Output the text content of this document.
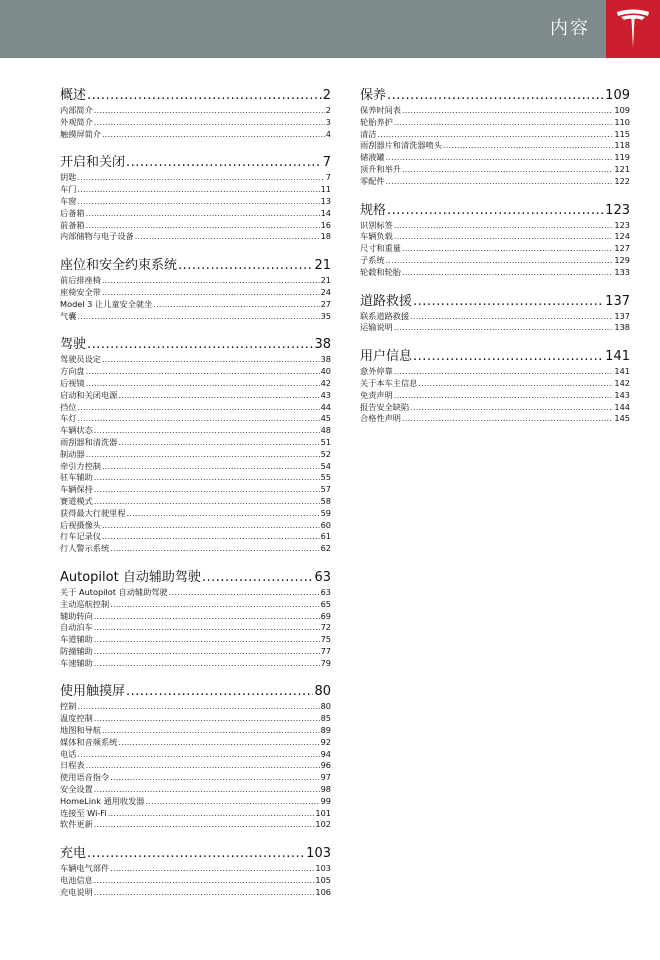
内容
概述 .....	2
内部简介 .....	2
外观简介 .....	3
触摸屏简介 .....	4
开启和关闭 .....	7
钥匙 .....	7
车门 .....	11
车窗 .....	13
后备箱 .....	14
前备箱 .....	16
内部储物与电子设备 .....	18
座位和安全约束系统 .....	21
前后排座椅 .....	21
座椅安全带 .....	24
Model 3 让儿童安全就坐 .....	27
气囊 .....	35
驾驶 .....	38
驾驶员设定 .....	38
方向盘 .....	40
后视镜 .....	42
启动和关闭电源 .....	43
挡位 .....	44
车灯 .....	45
车辆状态 .....	48
雨刮器和清洗器 .....	51
制动器 .....	52
牵引力控制 .....	54
驻车辅助 .....	55
车辆保持 .....	57
赛道模式 .....	58
获得最大行驶里程 .....	59
后视摄像头 .....	60
行车记录仪 .....	61
行人警示系统 .....	62
Autopilot 自动辅助驾驶 .....	63
关于 Autopilot 自动辅助驾驶 .....	63
主动巡航控制 .....	65
辅助转向 .....	69
自动泊车 .....	72
车道辅助 .....	75
防撞辅助 .....	77
车速辅助 .....	79
使用触摸屏 .....	80
控制 .....	80
温度控制 .....	85
地图和导航 .....	89
媒体和音频系统 .....	92
电话 .....	94
日程表 .....	96
使用语音指令 .....	97
安全设置 .....	98
HomeLink 通用收发器 .....	99
连接至 Wi-Fi .....	101
软件更新 .....	102
充电 .....	103
车辆电气部件 .....	103
电池信息 .....	105
充电说明 .....	106
保养 .....	109
保养时间表 .....	109
轮胎养护 .....	110
清洁 .....	115
雨刮器片和清洗器喷头 .....	118
储液罐 .....	119
顶升和举升 .....	121
零配件 .....	122
规格 .....	123
识别标签 .....	123
车辆负载 .....	124
尺寸和重量 .....	127
子系统 .....	129
轮毂和轮胎 .....	133
道路救援 .....	137
联系道路救援 .....	137
运输说明 .....	138
用户信息 .....	141
意外停靠 .....	141
关于本车主信息 .....	142
免责声明 .....	143
报告安全缺陷 .....	144
合格性声明 .....	145
